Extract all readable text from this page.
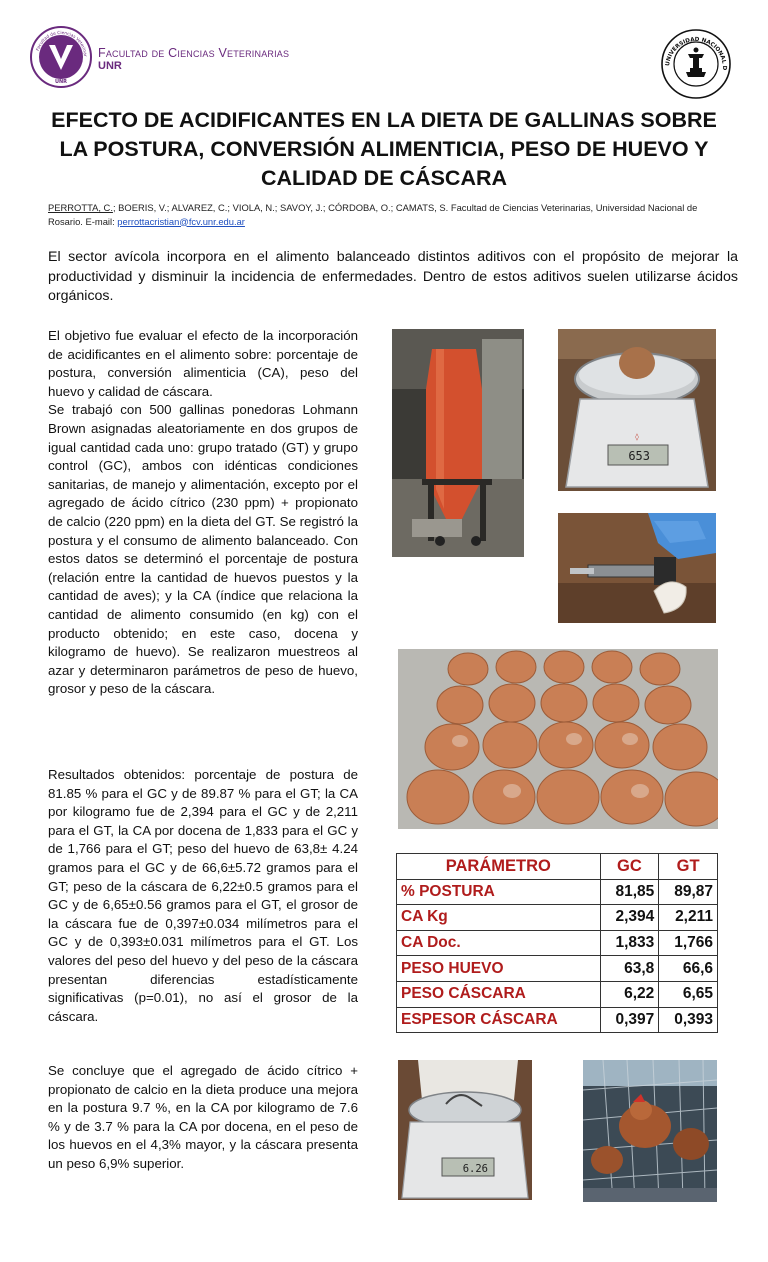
UNR
Facultad de Ciencias Veterinar Facultad de Ciencias Veterinarias
UNR	UNIVERSIDAD NACIONAL D
EFECTO DE ACIDIFICANTES EN LA DIETA DE GALLINAS SOBRE LA POSTURA, CONVERSIÓN ALIMENTICIA, PESO DE HUEVO Y CALIDAD DE CÁSCARA
PERROTTA, C.; BOERIS, V.; ALVAREZ, C.; VIOLA, N.; SAVOY, J.; CÓRDOBA, O.; CAMATS, S. Facultad de Ciencias Veterinarias, Universidad Nacional de Rosario. E-mail: perrottacristian@fcv.unr.edu.ar
El sector avícola incorpora en el alimento balanceado distintos aditivos con el propósito de mejorar la productividad y disminuir la incidencia de enfermedades. Dentro de estos aditivos suelen utilizarse ácidos orgánicos.
El objetivo fue evaluar el efecto de la incorporación de acidificantes en el alimento sobre: porcentaje de postura, conversión alimenticia (CA), peso del huevo y calidad de cáscara.
Se trabajó con 500 gallinas ponedoras Lohmann Brown asignadas aleatoriamente en dos grupos de igual cantidad cada uno: grupo tratado (GT) y grupo control (GC), ambos con idénticas condiciones sanitarias, de manejo y alimentación, excepto por el agregado de ácido cítrico (230 ppm) + propionato de calcio (220 ppm) en la dieta del GT. Se registró la postura y el consumo de alimento balanceado. Con estos datos se determinó el porcentaje de postura (relación entre la cantidad de huevos puestos y la cantidad de aves); y la CA (índice que relaciona la cantidad de alimento consumido (en kg) con el producto obtenido; en este caso, docena y kilogramo de huevo). Se realizaron muestreos al azar y determinaron parámetros de peso de huevo, grosor y peso de la cáscara.
Resultados obtenidos: porcentaje de postura de 81.85 % para el GC y de 89.87 % para el GT; la CA por kilogramo fue de 2,394 para el GC y de 2,211 para el GT, la CA por docena de 1,833 para el GC y de 1,766 para el GT; peso del huevo de 63,8± 4.24 gramos para el GC y de 66,6±5.72 gramos para el GT; peso de la cáscara de 6,22±0.5 gramos para el GC y de 6,65±0.56 gramos para el GT, el grosor de la cáscara fue de 0,397±0.034 milímetros para el GC y de 0,393±0.031 milímetros para el GT. Los valores del peso del huevo y del peso de la cáscara presentan diferencias estadísticamente significativas (p=0.01), no así el grosor de la cáscara.
Se concluye que el agregado de ácido cítrico + propionato de calcio en la dieta produce una mejora en la postura 9.7 %, en la CA por kilogramo de 7.6 % y de 3.7 % para la CA por docena, en el peso de los huevos en el 4,3% mayor, y la cáscara presenta un peso 6,9% superior.
653
◊
PARÁMETRO	GC	GT
% POSTURA	81,85	89,87
CA Kg	2,394	2,211
CA Doc.	1,833	1,766
PESO HUEVO	63,8	66,6
PESO CÁSCARA	6,22	6,65
ESPESOR CÁSCARA	0,397	0,393
6.26
